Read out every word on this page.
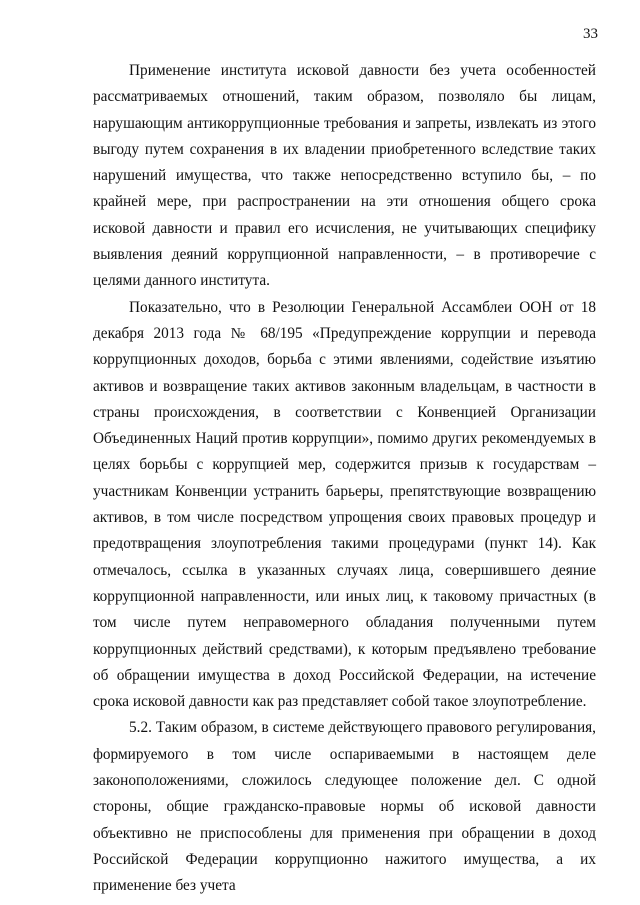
33

Применение института исковой давности без учета особенностей рассматриваемых отношений, таким образом, позволяло бы лицам, нарушающим антикоррупционные требования и запреты, извлекать из этого выгоду путем сохранения в их владении приобретенного вследствие таких нарушений имущества, что также непосредственно вступило бы, – по крайней мере, при распространении на эти отношения общего срока исковой давности и правил его исчисления, не учитывающих специфику выявления деяний коррупционной направленности, – в противоречие с целями данного института.

Показательно, что в Резолюции Генеральной Ассамблеи ООН от 18 декабря 2013 года № 68/195 «Предупреждение коррупции и перевода коррупционных доходов, борьба с этими явлениями, содействие изъятию активов и возвращение таких активов законным владельцам, в частности в страны происхождения, в соответствии с Конвенцией Организации Объединенных Наций против коррупции», помимо других рекомендуемых в целях борьбы с коррупцией мер, содержится призыв к государствам – участникам Конвенции устранить барьеры, препятствующие возвращению активов, в том числе посредством упрощения своих правовых процедур и предотвращения злоупотребления такими процедурами (пункт 14). Как отмечалось, ссылка в указанных случаях лица, совершившего деяние коррупционной направленности, или иных лиц, к таковому причастных (в том числе путем неправомерного обладания полученными путем коррупционных действий средствами), к которым предъявлено требование об обращении имущества в доход Российской Федерации, на истечение срока исковой давности как раз представляет собой такое злоупотребление.

5.2. Таким образом, в системе действующего правового регулирования, формируемого в том числе оспариваемыми в настоящем деле законоположениями, сложилось следующее положение дел. С одной стороны, общие гражданско-правовые нормы об исковой давности объективно не приспособлены для применения при обращении в доход Российской Федерации коррупционно нажитого имущества, а их применение без учета
